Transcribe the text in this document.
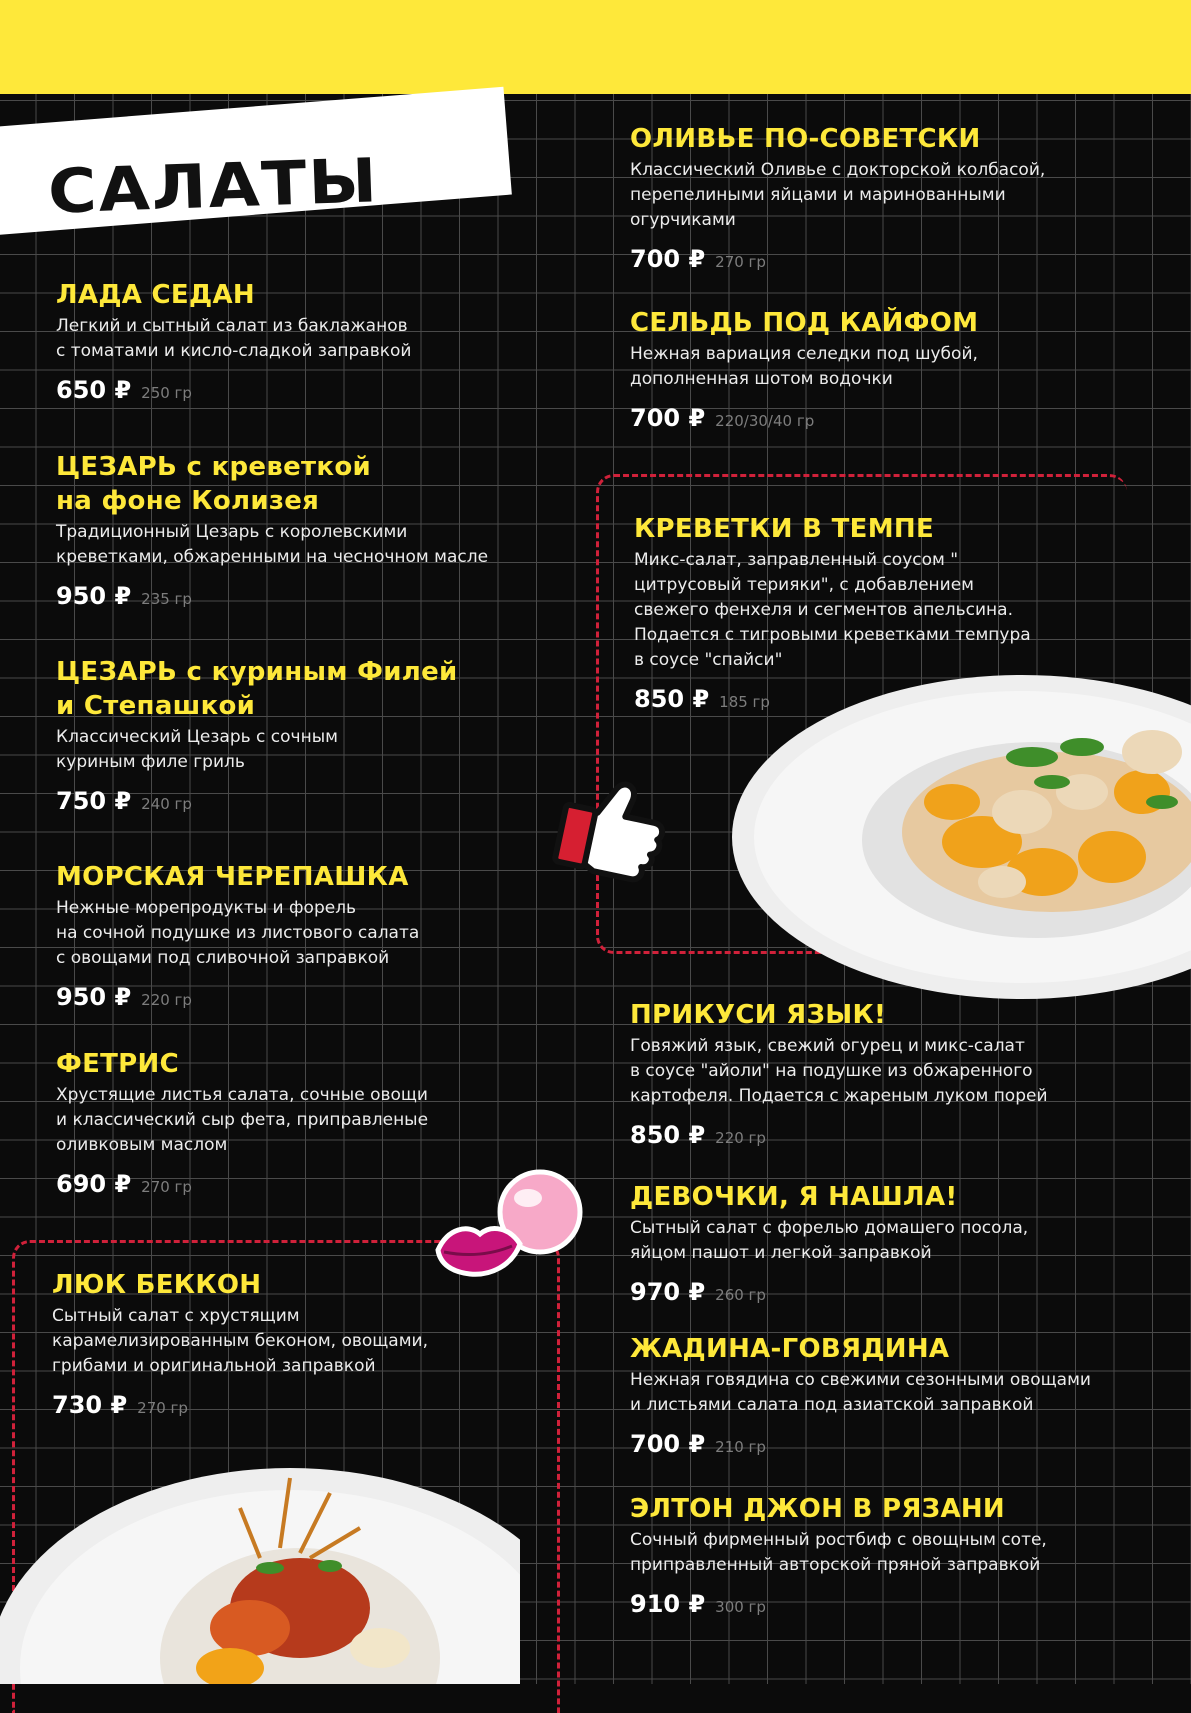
САЛАТЫ
ЛАДА СЕДАН
Легкий и сытный салат из баклажанов
с томатами и кисло-сладкой заправкой
650 ₽ 250 гр
ЦЕЗАРЬ с креветкой
на фоне Колизея
Традиционный Цезарь с королевскими
креветками, обжаренными на чесночном масле
950 ₽ 235 гр
ЦЕЗАРЬ с куриным Филей
и Степашкой
Классический Цезарь с сочным
куриным филе гриль
750 ₽ 240 гр
МОРСКАЯ ЧЕРЕПАШКА
Нежные морепродукты и форель
на сочной подушке из листового салата
с овощами под сливочной заправкой
950 ₽ 220 гр
ФЕТРИС
Хрустящие листья салата, сочные овощи
и классический сыр фета, приправленые
оливковым маслом
690 ₽ 270 гр
ЛЮК БЕККОН
Сытный салат с хрустящим
карамелизированным беконом, овощами,
грибами и оригинальной заправкой
730 ₽ 270 гр
ОЛИВЬЕ ПО-СОВЕТСКИ
Классический Оливье с докторской колбасой,
перепелиными яйцами и маринованными
огурчиками
700 ₽ 270 гр
СЕЛЬДЬ ПОД КАЙФОМ
Нежная вариация селедки под шубой,
дополненная шотом водочки
700 ₽ 220/30/40 гр
КРЕВЕТКИ В ТЕМПЕ
Микс-салат, заправленный соусом "
цитрусовый терияки", с добавлением
свежего фенхеля и сегментов апельсина.
Подается с тигровыми креветками темпура
в соусе "спайси"
850 ₽ 185 гр
ПРИКУСИ ЯЗЫК!
Говяжий язык, свежий огурец и микс-салат
в соусе "айоли" на подушке из обжаренного
картофеля. Подается с жареным луком порей
850 ₽ 220 гр
ДЕВОЧКИ, Я НАШЛА!
Сытный салат с форелью домашего посола,
яйцом пашот и легкой заправкой
970 ₽ 260 гр
ЖАДИНА-ГОВЯДИНА
Нежная говядина со свежими сезонными овощами
и листьями салата под азиатской заправкой
700 ₽ 210 гр
ЭЛТОН ДЖОН В РЯЗАНИ
Сочный фирменный ростбиф с овощным соте,
приправленный авторской пряной заправкой
910 ₽ 300 гр
